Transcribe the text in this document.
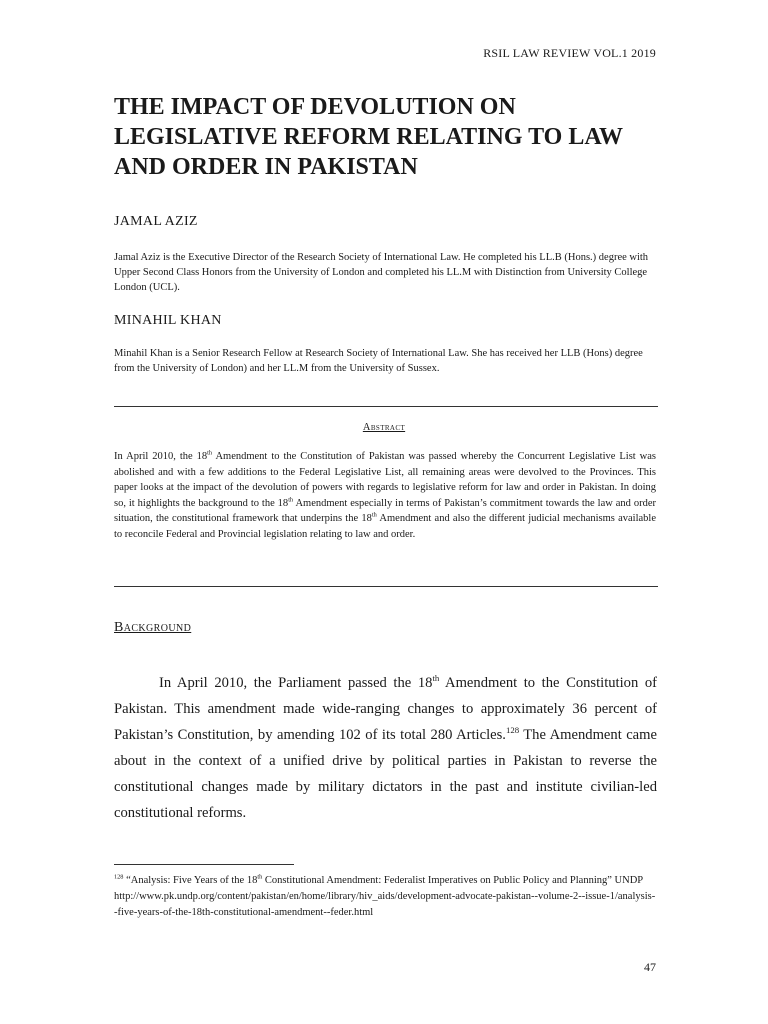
RSIL LAW REVIEW VOL.1 2019
THE IMPACT OF DEVOLUTION ON LEGISLATIVE REFORM RELATING TO LAW AND ORDER IN PAKISTAN
JAMAL AZIZ

Jamal Aziz is the Executive Director of the Research Society of International Law. He completed his LL.B (Hons.) degree with Upper Second Class Honors from the University of London and completed his LL.M with Distinction from University College London (UCL).

MINAHIL KHAN

Minahil Khan is a Senior Research Fellow at Research Society of International Law. She has received her LLB (Hons) degree from the University of London) and her LL.M from the University of Sussex.

Abstract

In April 2010, the 18th Amendment to the Constitution of Pakistan was passed whereby the Concurrent Legislative List was abolished and with a few additions to the Federal Legislative List, all remaining areas were devolved to the Provinces. This paper looks at the impact of the devolution of powers with regards to legislative reform for law and order in Pakistan. In doing so, it highlights the background to the 18th Amendment especially in terms of Pakistan’s commitment towards the law and order situation, the constitutional framework that underpins the 18th Amendment and also the different judicial mechanisms available to reconcile Federal and Provincial legislation relating to law and order.

Background

In April 2010, the Parliament passed the 18th Amendment to the Constitution of Pakistan. This amendment made wide-ranging changes to approximately 36 percent of Pakistan’s Constitution, by amending 102 of its total 280 Articles.$^{128}$ The Amendment came about in the context of a unified drive by political parties in Pakistan to reverse the constitutional changes made by military dictators in the past and institute civilian-led constitutional reforms.

$^{128}$ “Analysis: Five Years of the 18th Constitutional Amendment: Federalist Imperatives on Public Policy and Planning” UNDP
http://www.pk.undp.org/content/pakistan/en/home/library/hiv_aids/development-advocate-pakistan--volume-2--issue-1/analysis--five-years-of-the-18th-constitutional-amendment--feder.html
47
